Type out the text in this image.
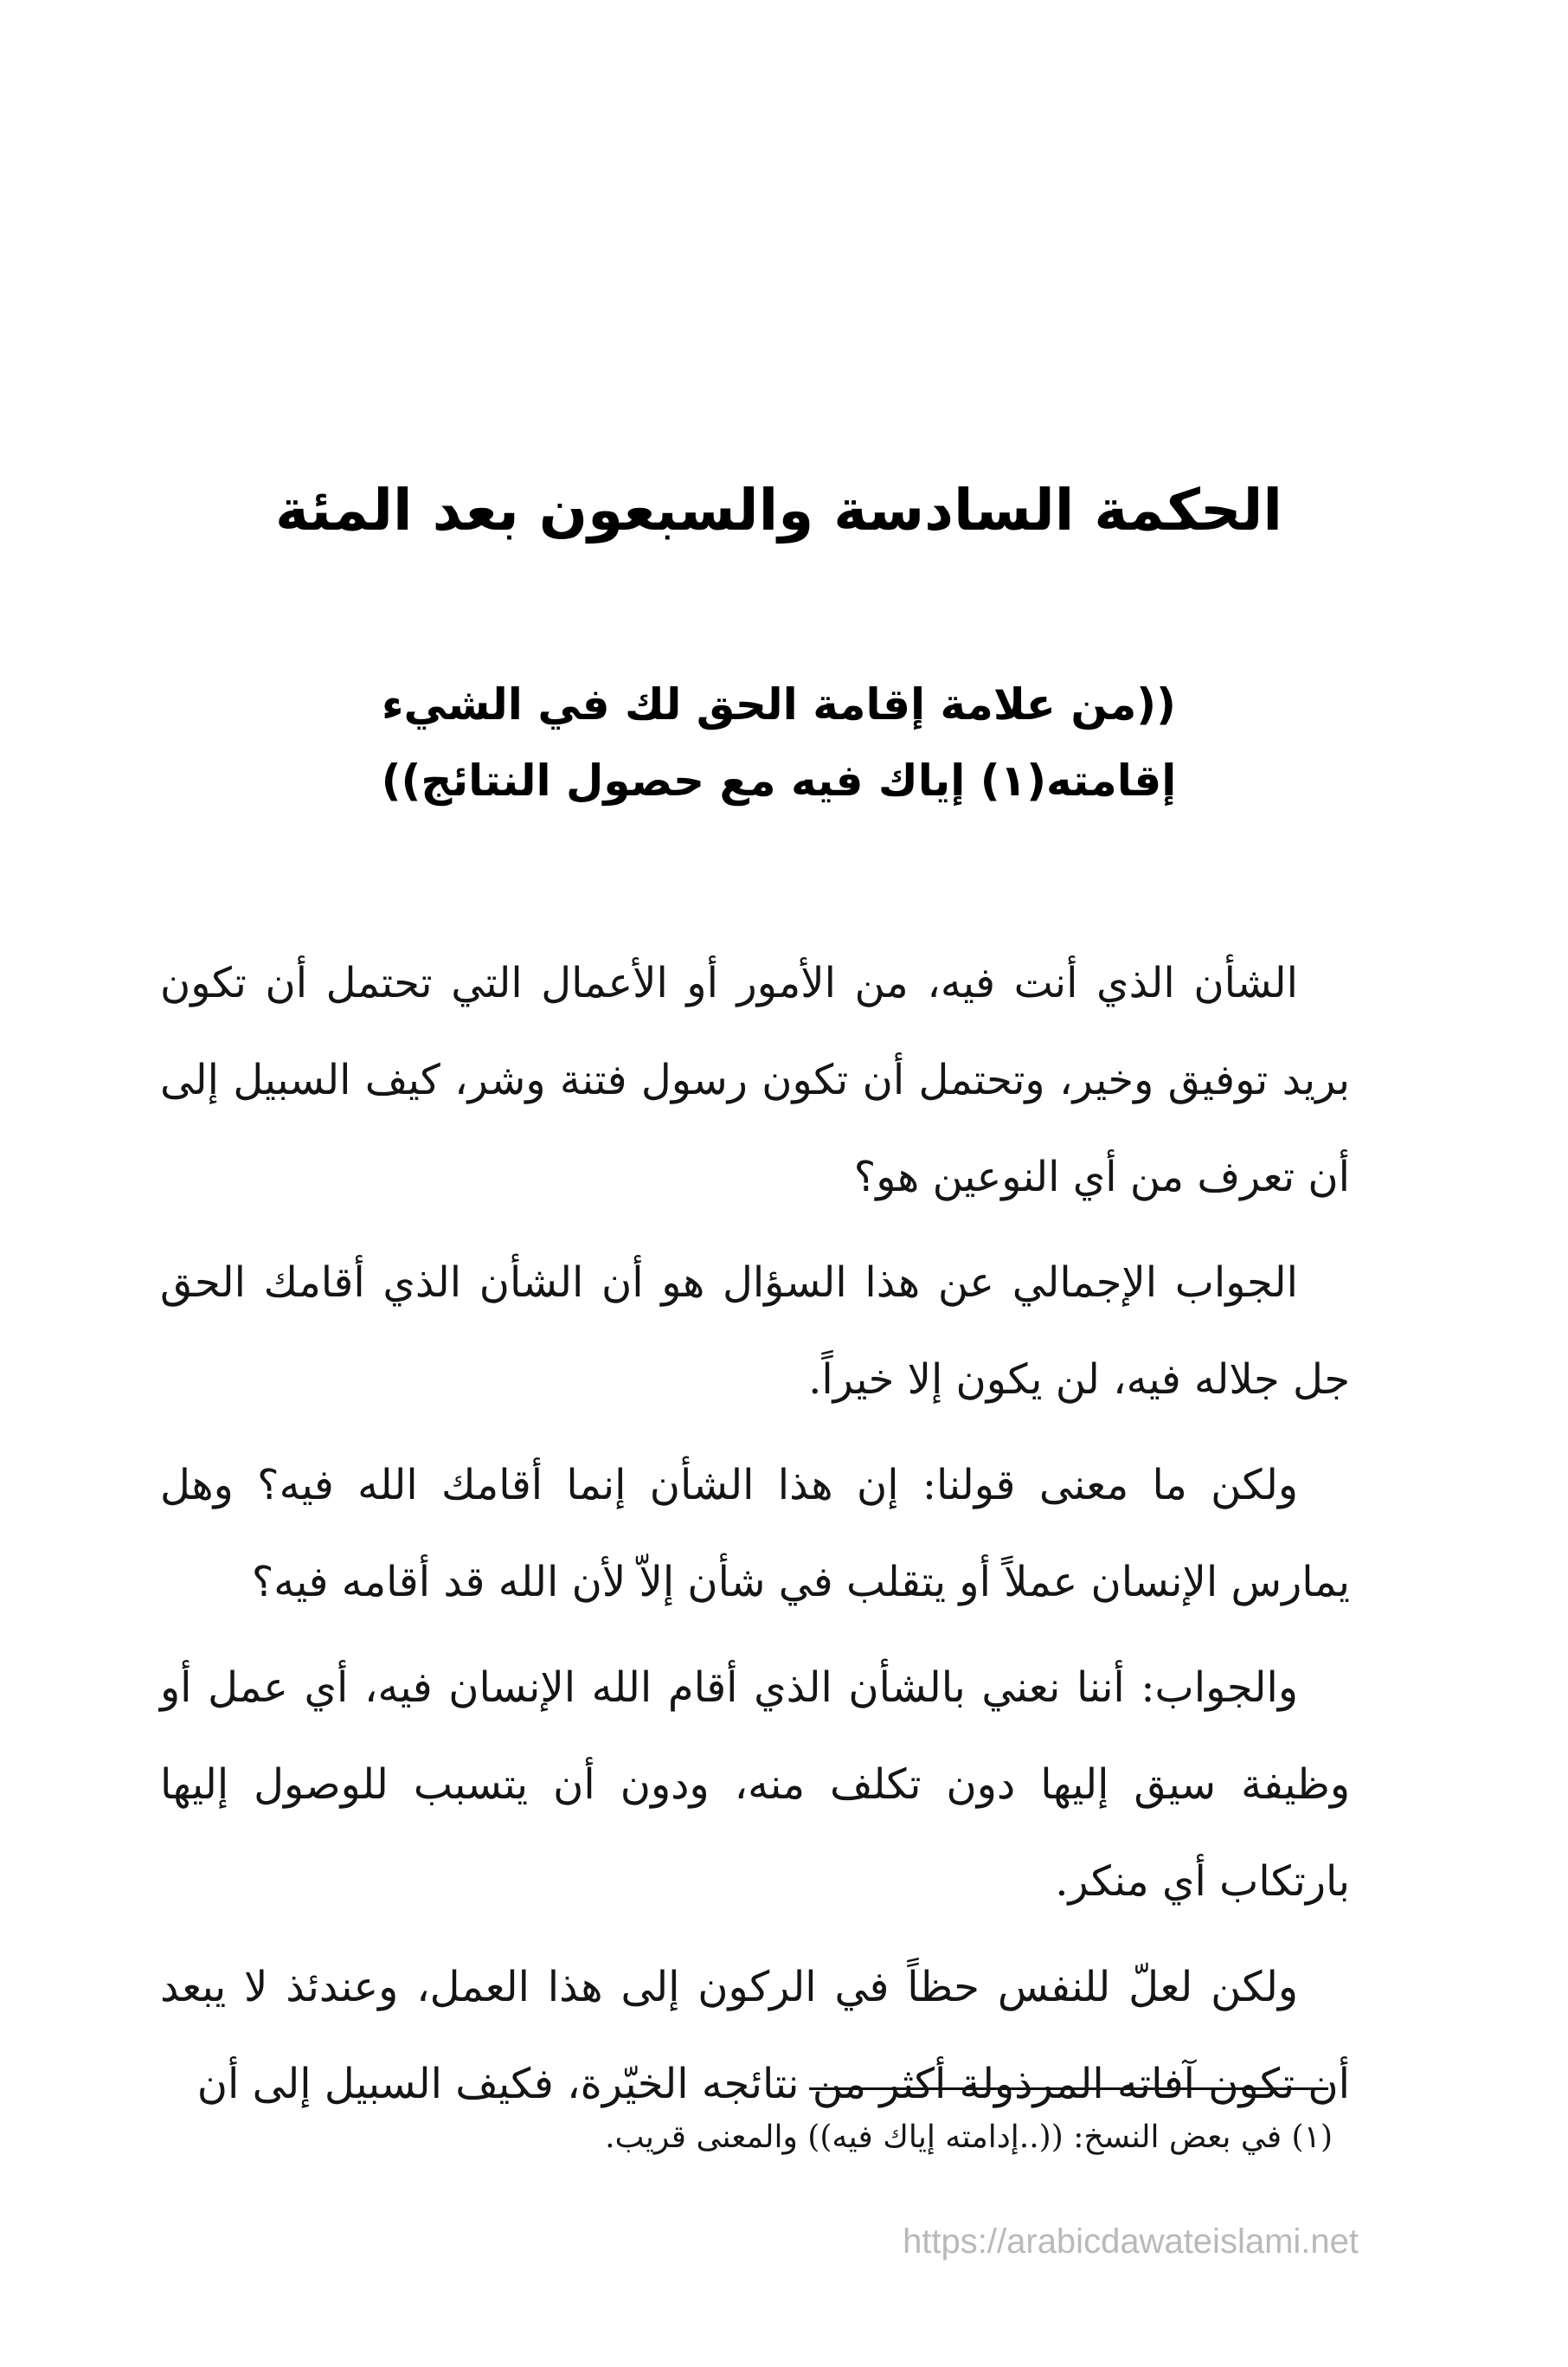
الحكمة السادسة والسبعون بعد المئة
((من علامة إقامة الحق لك في الشيء
إقامته(١) إياك فيه مع حصول النتائج))

الشأن الذي أنت فيه، من الأمور أو الأعمال التي تحتمل أن تكون بريد توفيق وخير، وتحتمل أن تكون رسول فتنة وشر، كيف السبيل إلى أن تعرف من أي النوعين هو؟

الجواب الإجمالي عن هذا السؤال هو أن الشأن الذي أقامك الحق جل جلاله فيه، لن يكون إلا خيراً.

ولكن ما معنى قولنا: إن هذا الشأن إنما أقامك الله فيه؟ وهل يمارس الإنسان عملاً أو يتقلب في شأن إلاّ لأن الله قد أقامه فيه؟

والجواب: أننا نعني بالشأن الذي أقام الله الإنسان فيه، أي عمل أو وظيفة سيق إليها دون تكلف منه، ودون أن يتسبب للوصول إليها بارتكاب أي منكر.

ولكن لعلّ للنفس حظاً في الركون إلى هذا العمل، وعندئذ لا يبعد أن تكون آفاته المرذولة أكثر من نتائجه الخيّرة، فكيف السبيل إلى أن

(١) في بعض النسخ: ((..إدامته إياك فيه)) والمعنى قريب.
https://arabicdawateislami.net
